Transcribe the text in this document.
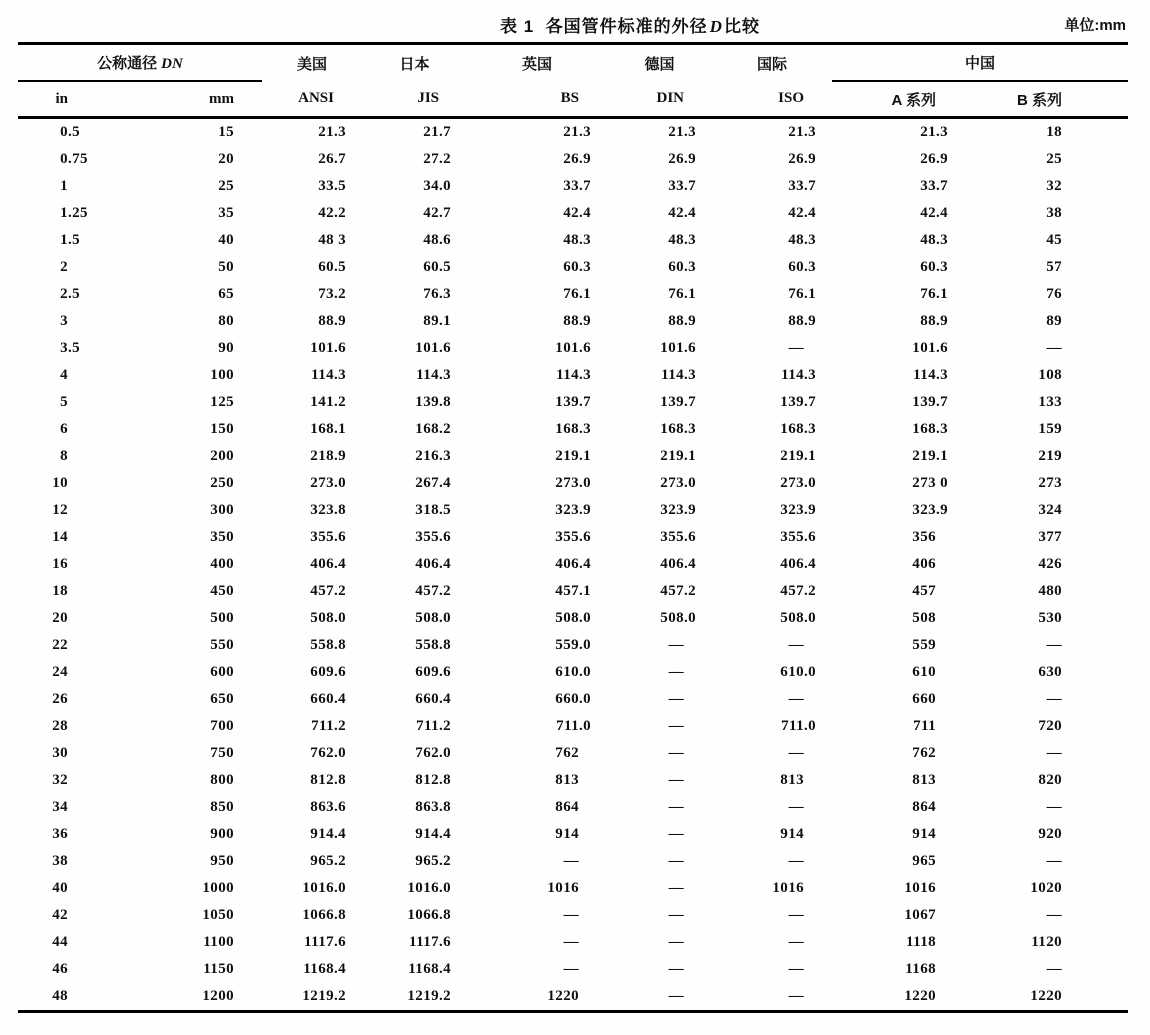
表 1 各国管件标准的外径 D 比较	单位:mm
公称通径 DN		美国	日本	英国	德国	国际	中国	
in	mm	ANSI	JIS	BS	DIN	ISO	A 系列	B 系列
0.5	15	21.3	21.7	21.3	21.3	21.3	21.3	18
0.75	20	26.7	27.2	26.9	26.9	26.9	26.9	25
1	25	33.5	34.0	33.7	33.7	33.7	33.7	32
1.25	35	42.2	42.7	42.4	42.4	42.4	42.4	38
1.5	40	48 3	48.6	48.3	48.3	48.3	48.3	45
2	50	60.5	60.5	60.3	60.3	60.3	60.3	57
2.5	65	73.2	76.3	76.1	76.1	76.1	76.1	76
3	80	88.9	89.1	88.9	88.9	88.9	88.9	89
3.5	90	101.6	101.6	101.6	101.6	—	101.6	—
4	100	114.3	114.3	114.3	114.3	114.3	114.3	108
5	125	141.2	139.8	139.7	139.7	139.7	139.7	133
6	150	168.1	168.2	168.3	168.3	168.3	168.3	159
8	200	218.9	216.3	219.1	219.1	219.1	219.1	219
10	250	273.0	267.4	273.0	273.0	273.0	273 0	273
12	300	323.8	318.5	323.9	323.9	323.9	323.9	324
14	350	355.6	355.6	355.6	355.6	355.6	356	377
16	400	406.4	406.4	406.4	406.4	406.4	406	426
18	450	457.2	457.2	457.1	457.2	457.2	457	480
20	500	508.0	508.0	508.0	508.0	508.0	508	530
22	550	558.8	558.8	559.0	—	—	559	—
24	600	609.6	609.6	610.0	—	610.0	610	630
26	650	660.4	660.4	660.0	—	—	660	—
28	700	711.2	711.2	711.0	—	711.0	711	720
30	750	762.0	762.0	762	—	—	762	—
32	800	812.8	812.8	813	—	813	813	820
34	850	863.6	863.8	864	—	—	864	—
36	900	914.4	914.4	914	—	914	914	920
38	950	965.2	965.2	—	—	—	965	—
40	1000	1016.0	1016.0	1016	—	1016	1016	1020
42	1050	1066.8	1066.8	—	—	—	1067	—
44	1100	1117.6	1117.6	—	—	—	1118	1120
46	1150	1168.4	1168.4	—	—	—	1168	—
48	1200	1219.2	1219.2	1220	—	—	1220	1220
